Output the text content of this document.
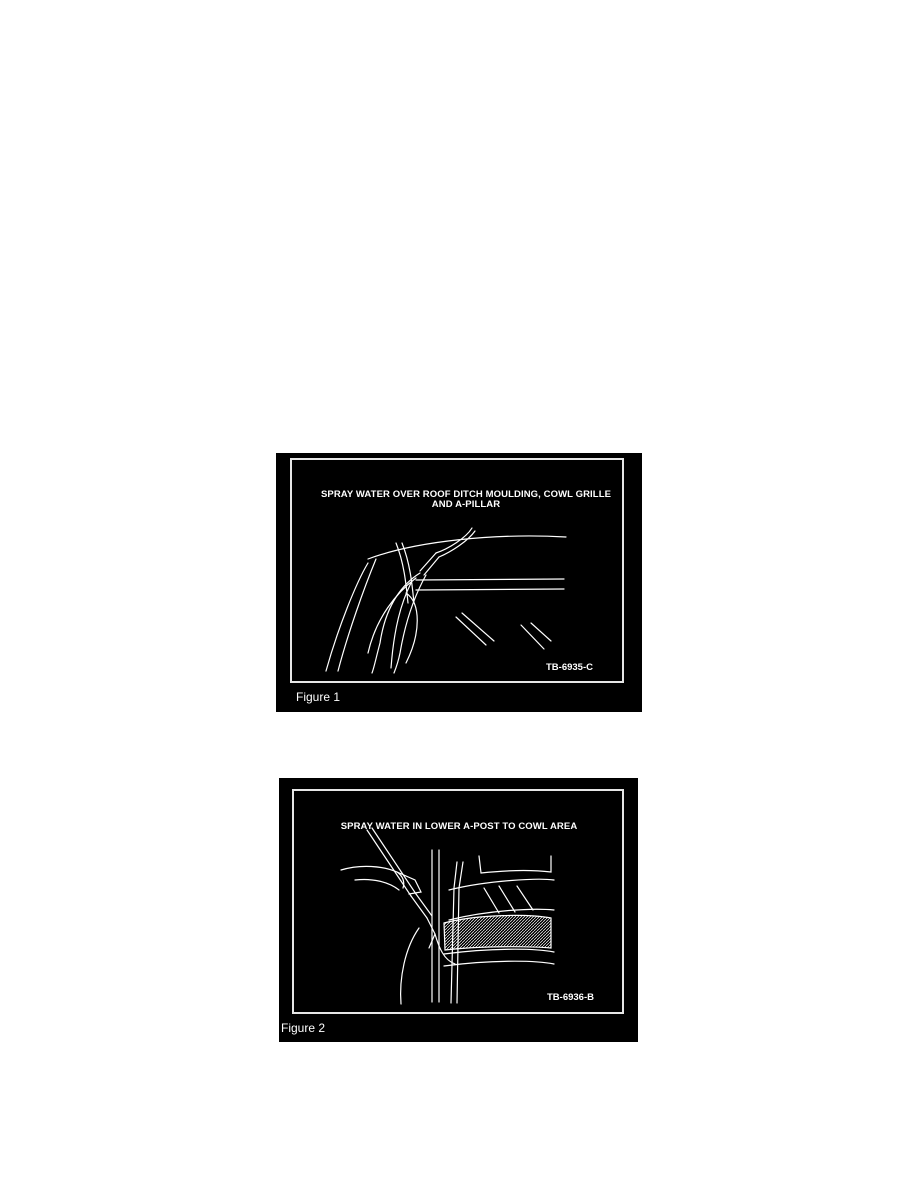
SPRAY WATER OVER ROOF DITCH MOULDING, COWL GRILLE AND A-PILLAR
TB-6935-C
Figure 1
SPRAY WATER IN LOWER A-POST TO COWL AREA
TB-6936-B
Figure 2
